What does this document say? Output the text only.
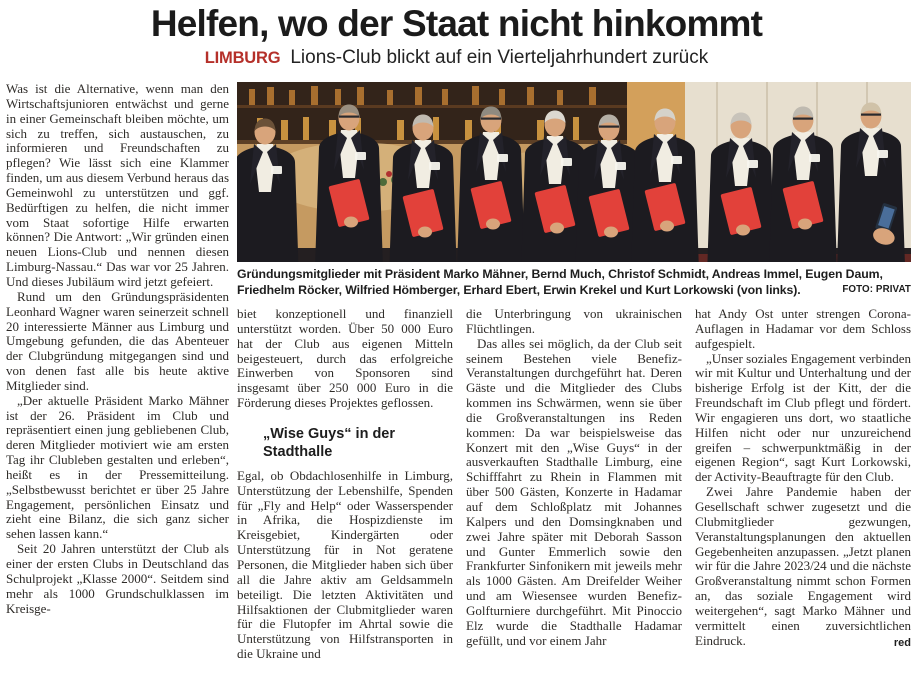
Helfen, wo der Staat nicht hinkommt
LIMBURG Lions-Club blickt auf ein Vierteljahrhundert zurück

Was ist die Alternative, wenn man den Wirtschaftsjunioren entwächst und gerne in einer Gemeinschaft bleiben möchte, um sich zu treffen, sich austauschen, zu informieren und Freundschaften zu pflegen? Wie lässt sich eine Klammer finden, um aus diesem Verbund heraus das Gemeinwohl zu unterstützen und ggf. Bedürftigen zu helfen, die nicht immer vom Staat sofortige Hilfe erwarten können? Die Antwort: „Wir gründen einen neuen Lions-Club und nennen diesen Limburg-Nassau.“ Das war vor 25 Jahren. Und dieses Jubiläum wird jetzt gefeiert.

Rund um den Gründungspräsidenten Leonhard Wagner waren seinerzeit schnell 20 interessierte Männer aus Limburg und Umgebung gefunden, die das Abenteuer der Clubgründung mitgegangen sind und von denen fast alle bis heute aktive Mitglieder sind.

„Der aktuelle Präsident Marko Mähner ist der 26. Präsident im Club und repräsentiert einen jung gebliebenen Club, deren Mitglieder motiviert wie am ersten Tag ihr Clubleben gestalten und erleben“, heißt es in der Pressemitteilung. „Selbstbewusst berichtet er über 25 Jahre Engagement, persönlichen Einsatz und zieht eine Bilanz, die sich ganz sicher sehen lassen kann.“

Seit 20 Jahren unterstützt der Club als einer der ersten Clubs in Deutschland das Schulprojekt „Klasse 2000“. Seitdem sind mehr als 1000 Grundschulklassen im Kreisge-

Gründungsmitglieder mit Präsident Marko Mähner, Bernd Much, Christof Schmidt, Andreas Immel, Eugen Daum, Friedhelm Röcker, Wilfried Hömberger, Erhard Ebert, Erwin Krekel und Kurt Lorkowski (von links).	FOTO: PRIVAT

biet konzeptionell und finanziell unterstützt worden. Über 50 000 Euro hat der Club aus eigenen Mitteln beigesteuert, durch das erfolgreiche Einwerben von Sponsoren sind insgesamt über 250 000 Euro in die Förderung dieses Projektes geflossen.

„Wise Guys“ in der Stadthalle

Egal, ob Obdachlosenhilfe in Limburg, Unterstützung der Lebenshilfe, Spenden für „Fly and Help“ oder Wasserspender in Afrika, die Hospizdienste im Kreisgebiet, Kindergärten oder Unterstützung für in Not geratene Personen, die Mitglieder haben sich über all die Jahre aktiv am Geldsammeln beteiligt. Die letzten Aktivitäten und Hilfsaktionen der Clubmitglieder waren für die Flutopfer im Ahrtal sowie die Unterstützung von Hilfstransporten in die Ukraine und

die Unterbringung von ukrainischen Flüchtlingen.

Das alles sei möglich, da der Club seit seinem Bestehen viele Benefiz-Veranstaltungen durchgeführt hat. Deren Gäste und die Mitglieder des Clubs kommen ins Schwärmen, wenn sie über die Großveranstaltungen ins Reden kommen: Da war beispielsweise das Konzert mit den „Wise Guys“ in der ausverkauften Stadthalle Limburg, eine Schifffahrt zu Rhein in Flammen mit über 500 Gästen, Konzerte in Hadamar auf dem Schloßplatz mit Johannes Kalpers und den Domsingknaben und zwei Jahre später mit Deborah Sasson und Gunter Emmerlich sowie den Frankfurter Sinfonikern mit jeweils mehr als 1000 Gästen. Am Dreifelder Weiher und am Wiesensee wurden Benefiz-Golfturniere durchgeführt. Mit Pinoccio Elz wurde die Stadthalle Hadamar gefüllt, und vor einem Jahr

hat Andy Ost unter strengen Corona-Auflagen in Hadamar vor dem Schloss aufgespielt.

„Unser soziales Engagement verbinden wir mit Kultur und Unterhaltung und der bisherige Erfolg ist der Kitt, der die Freundschaft im Club pflegt und fördert. Wir engagieren uns dort, wo staatliche Hilfen nicht oder nur unzureichend greifen – schwerpunktmäßig in der eigenen Region“, sagt Kurt Lorkowski, der Activity-Beauftragte für den Club.

Zwei Jahre Pandemie haben der Gesellschaft schwer zugesetzt und die Clubmitglieder gezwungen, Veranstaltungsplanungen den aktuellen Gegebenheiten anzupassen. „Jetzt planen wir für die Jahre 2023/24 und die nächste Großveranstaltung nimmt schon Formen an, das soziale Engagement wird weitergehen“, sagt Marko Mähner und vermittelt einen zuversichtlichen Eindruck.	red
